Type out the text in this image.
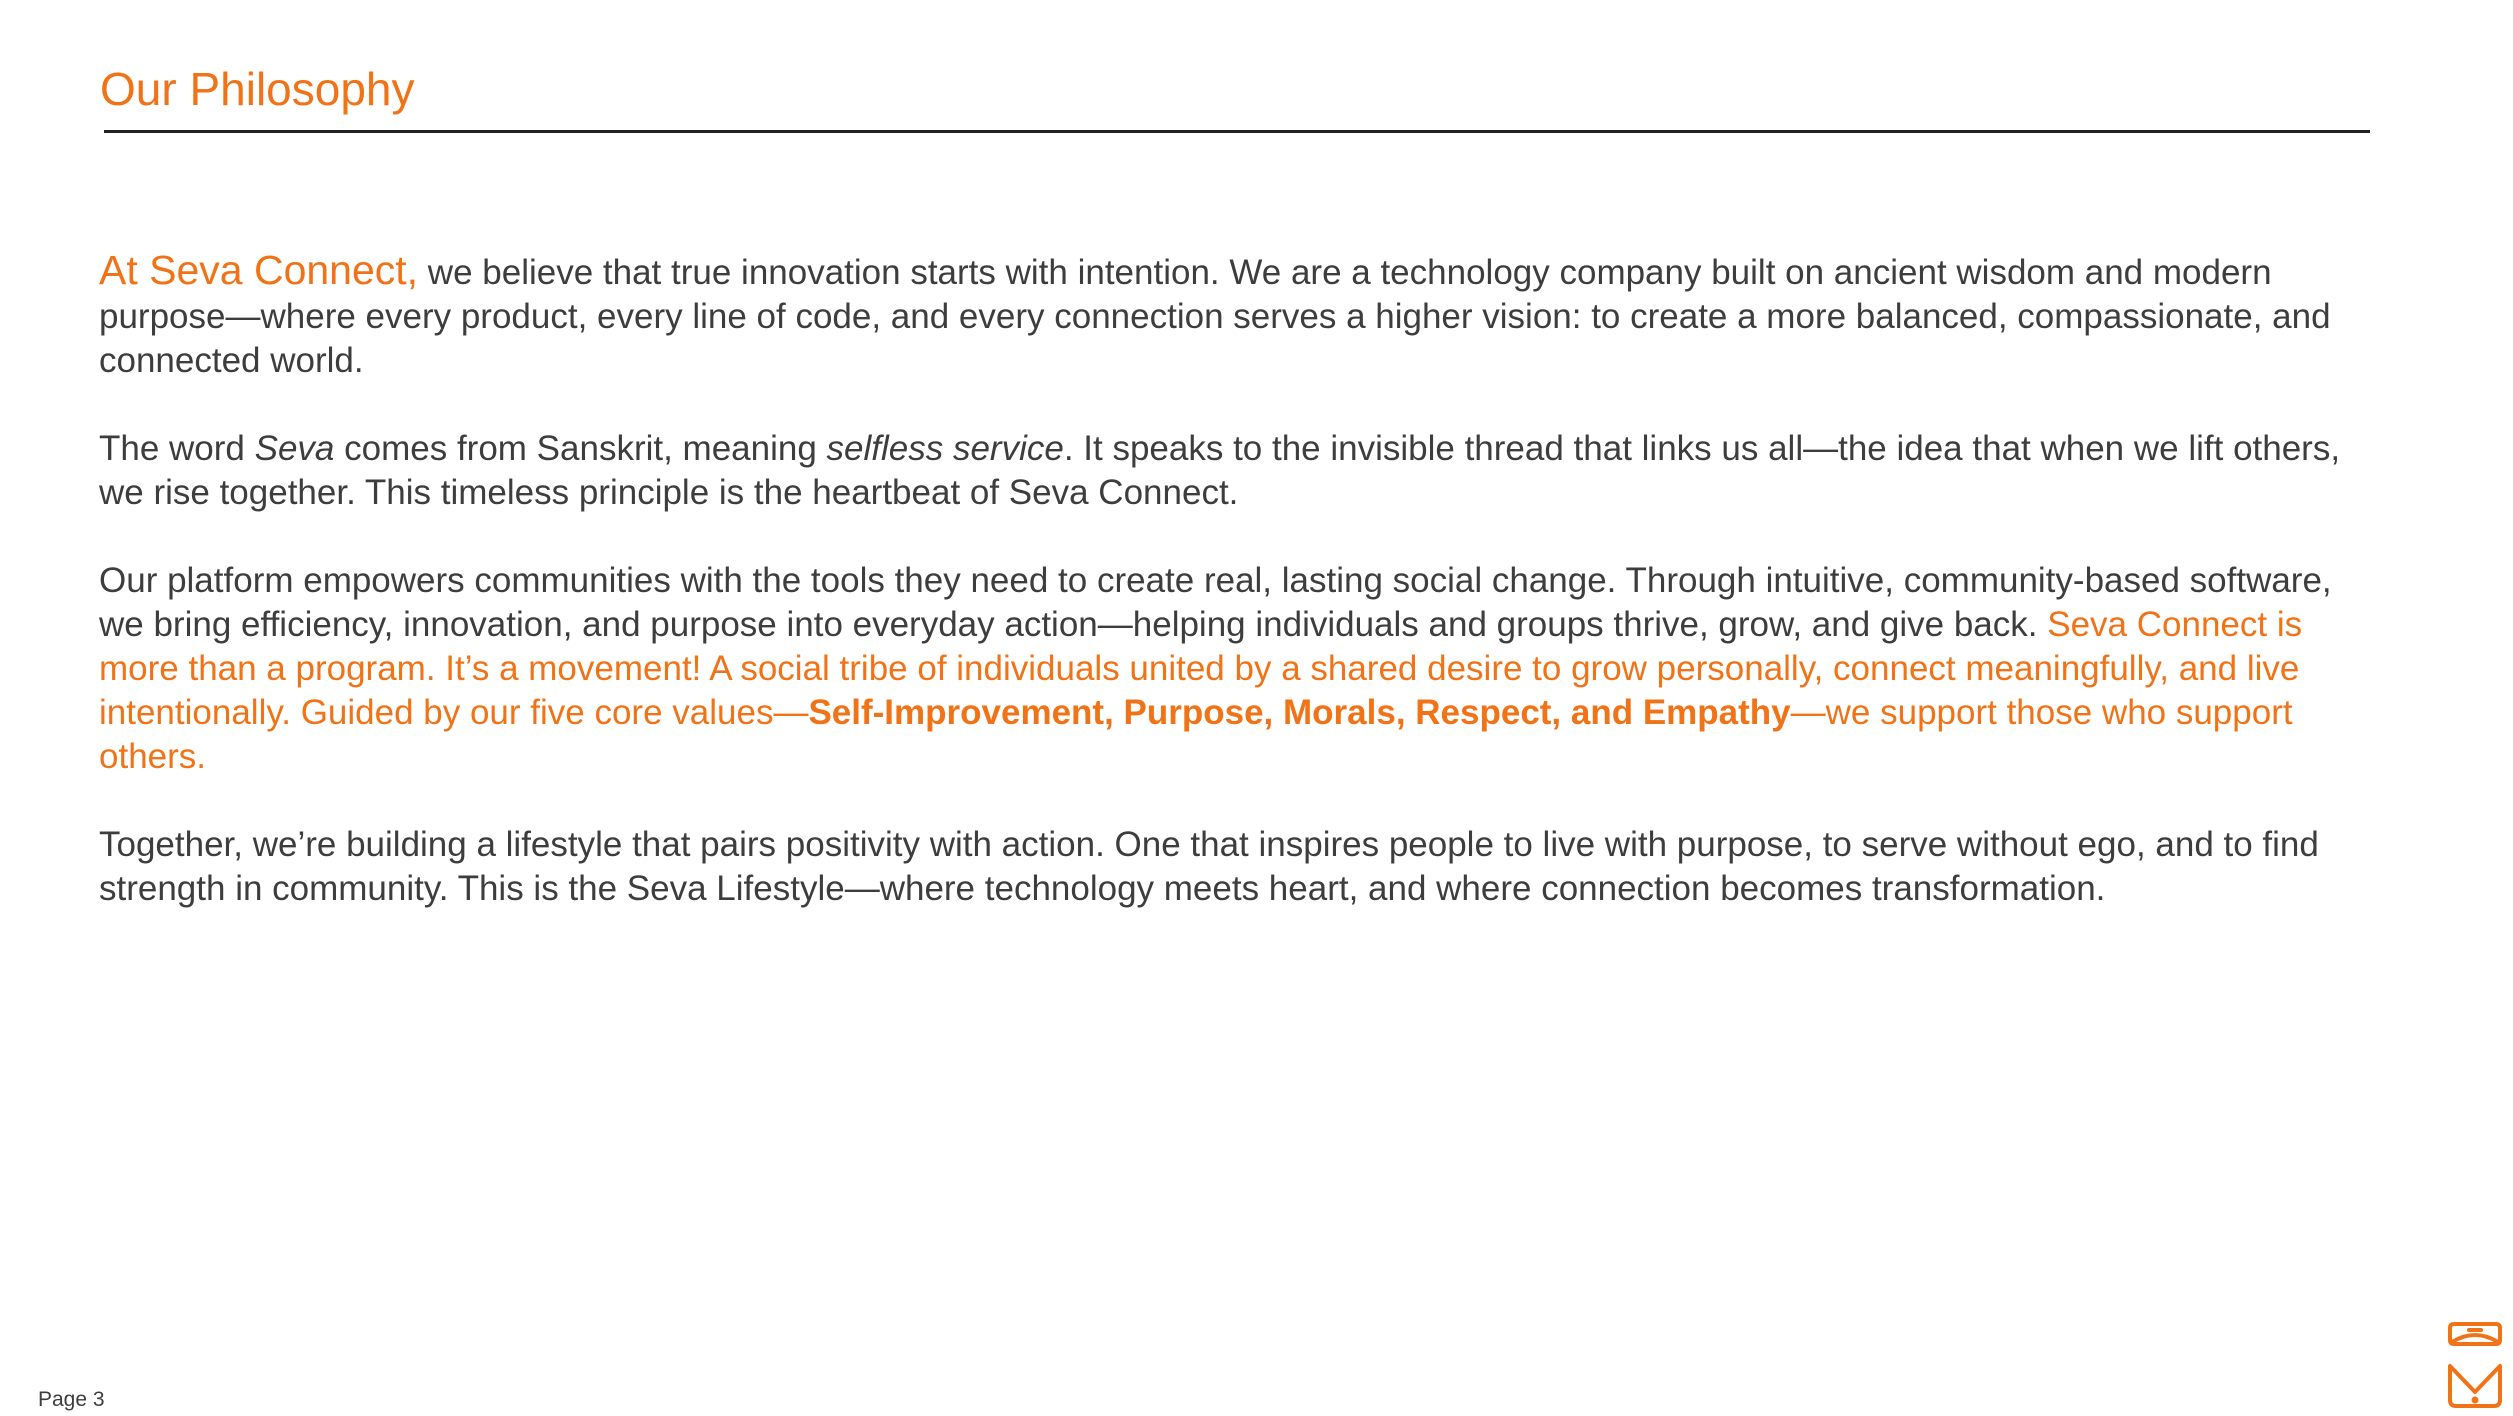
Our Philosophy

At Seva Connect, we believe that true innovation starts with intention. We are a technology company built on ancient wisdom and modern purpose—where every product, every line of code, and every connection serves a higher vision: to create a more balanced, compassionate, and connected world.

The word Seva comes from Sanskrit, meaning selfless service. It speaks to the invisible thread that links us all—the idea that when we lift others, we rise together. This timeless principle is the heartbeat of Seva Connect.

Our platform empowers communities with the tools they need to create real, lasting social change. Through intuitive, community-based software, we bring efficiency, innovation, and purpose into everyday action—helping individuals and groups thrive, grow, and give back. Seva Connect is more than a program. It’s a movement! A social tribe of individuals united by a shared desire to grow personally, connect meaningfully, and live intentionally. Guided by our five core values—Self-Improvement, Purpose, Morals, Respect, and Empathy—we support those who support others.

Together, we’re building a lifestyle that pairs positivity with action. One that inspires people to live with purpose, to serve without ego, and to find strength in community. This is the Seva Lifestyle—where technology meets heart, and where connection becomes transformation.

Page 3
